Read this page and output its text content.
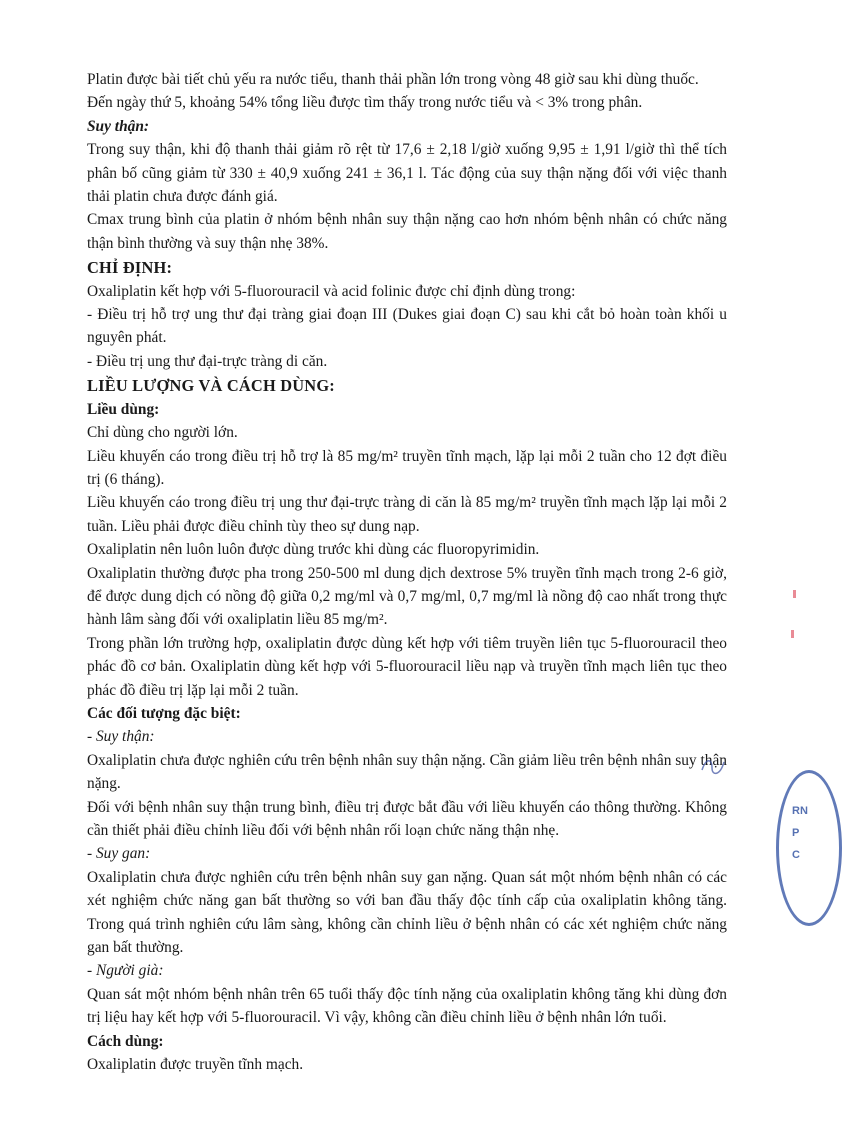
Platin được bài tiết chủ yếu ra nước tiểu, thanh thải phần lớn trong vòng 48 giờ sau khi dùng thuốc.

Đến ngày thứ 5, khoảng 54% tổng liều được tìm thấy trong nước tiểu và < 3% trong phân.

Suy thận:

Trong suy thận, khi độ thanh thải giảm rõ rệt từ 17,6 ± 2,18 l/giờ xuống 9,95 ± 1,91 l/giờ thì thể tích phân bố cũng giảm từ 330 ± 40,9 xuống 241 ± 36,1 l. Tác động của suy thận nặng đối với việc thanh thải platin chưa được đánh giá.

Cmax trung bình của platin ở nhóm bệnh nhân suy thận nặng cao hơn nhóm bệnh nhân có chức năng thận bình thường và suy thận nhẹ 38%.

CHỈ ĐỊNH:

Oxaliplatin kết hợp với 5-fluorouracil và acid folinic được chỉ định dùng trong:

- Điều trị hỗ trợ ung thư đại tràng giai đoạn III (Dukes giai đoạn C) sau khi cắt bỏ hoàn toàn khối u nguyên phát.

- Điều trị ung thư đại-trực tràng di căn.

LIỀU LƯỢNG VÀ CÁCH DÙNG:

Liều dùng:

Chỉ dùng cho người lớn.

Liều khuyến cáo trong điều trị hỗ trợ là 85 mg/m² truyền tĩnh mạch, lặp lại mỗi 2 tuần cho 12 đợt điều trị (6 tháng).

Liều khuyến cáo trong điều trị ung thư đại-trực tràng di căn là 85 mg/m² truyền tĩnh mạch lặp lại mỗi 2 tuần. Liều phải được điều chỉnh tùy theo sự dung nạp.

Oxaliplatin nên luôn luôn được dùng trước khi dùng các fluoropyrimidin.

Oxaliplatin thường được pha trong 250-500 ml dung dịch dextrose 5% truyền tĩnh mạch trong 2-6 giờ, để được dung dịch có nồng độ giữa 0,2 mg/ml và 0,7 mg/ml, 0,7 mg/ml là nồng độ cao nhất trong thực hành lâm sàng đối với oxaliplatin liều 85 mg/m².

Trong phần lớn trường hợp, oxaliplatin được dùng kết hợp với tiêm truyền liên tục 5-fluorouracil theo phác đồ cơ bản. Oxaliplatin dùng kết hợp với 5-fluorouracil liều nạp và truyền tĩnh mạch liên tục theo phác đồ điều trị lặp lại mỗi 2 tuần.

Các đối tượng đặc biệt:

- Suy thận:

Oxaliplatin chưa được nghiên cứu trên bệnh nhân suy thận nặng. Cần giảm liều trên bệnh nhân suy thận nặng.

Đối với bệnh nhân suy thận trung bình, điều trị được bắt đầu với liều khuyến cáo thông thường. Không cần thiết phải điều chỉnh liều đối với bệnh nhân rối loạn chức năng thận nhẹ.

- Suy gan:

Oxaliplatin chưa được nghiên cứu trên bệnh nhân suy gan nặng. Quan sát một nhóm bệnh nhân có các xét nghiệm chức năng gan bất thường so với ban đầu thấy độc tính cấp của oxaliplatin không tăng. Trong quá trình nghiên cứu lâm sàng, không cần chỉnh liều ở bệnh nhân có các xét nghiệm chức năng gan bất thường.

- Người già:

Quan sát một nhóm bệnh nhân trên 65 tuổi thấy độc tính nặng của oxaliplatin không tăng khi dùng đơn trị liệu hay kết hợp với 5-fluorouracil. Vì vậy, không cần điều chỉnh liều ở bệnh nhân lớn tuổi.

Cách dùng:

Oxaliplatin được truyền tĩnh mạch.

RN P C
